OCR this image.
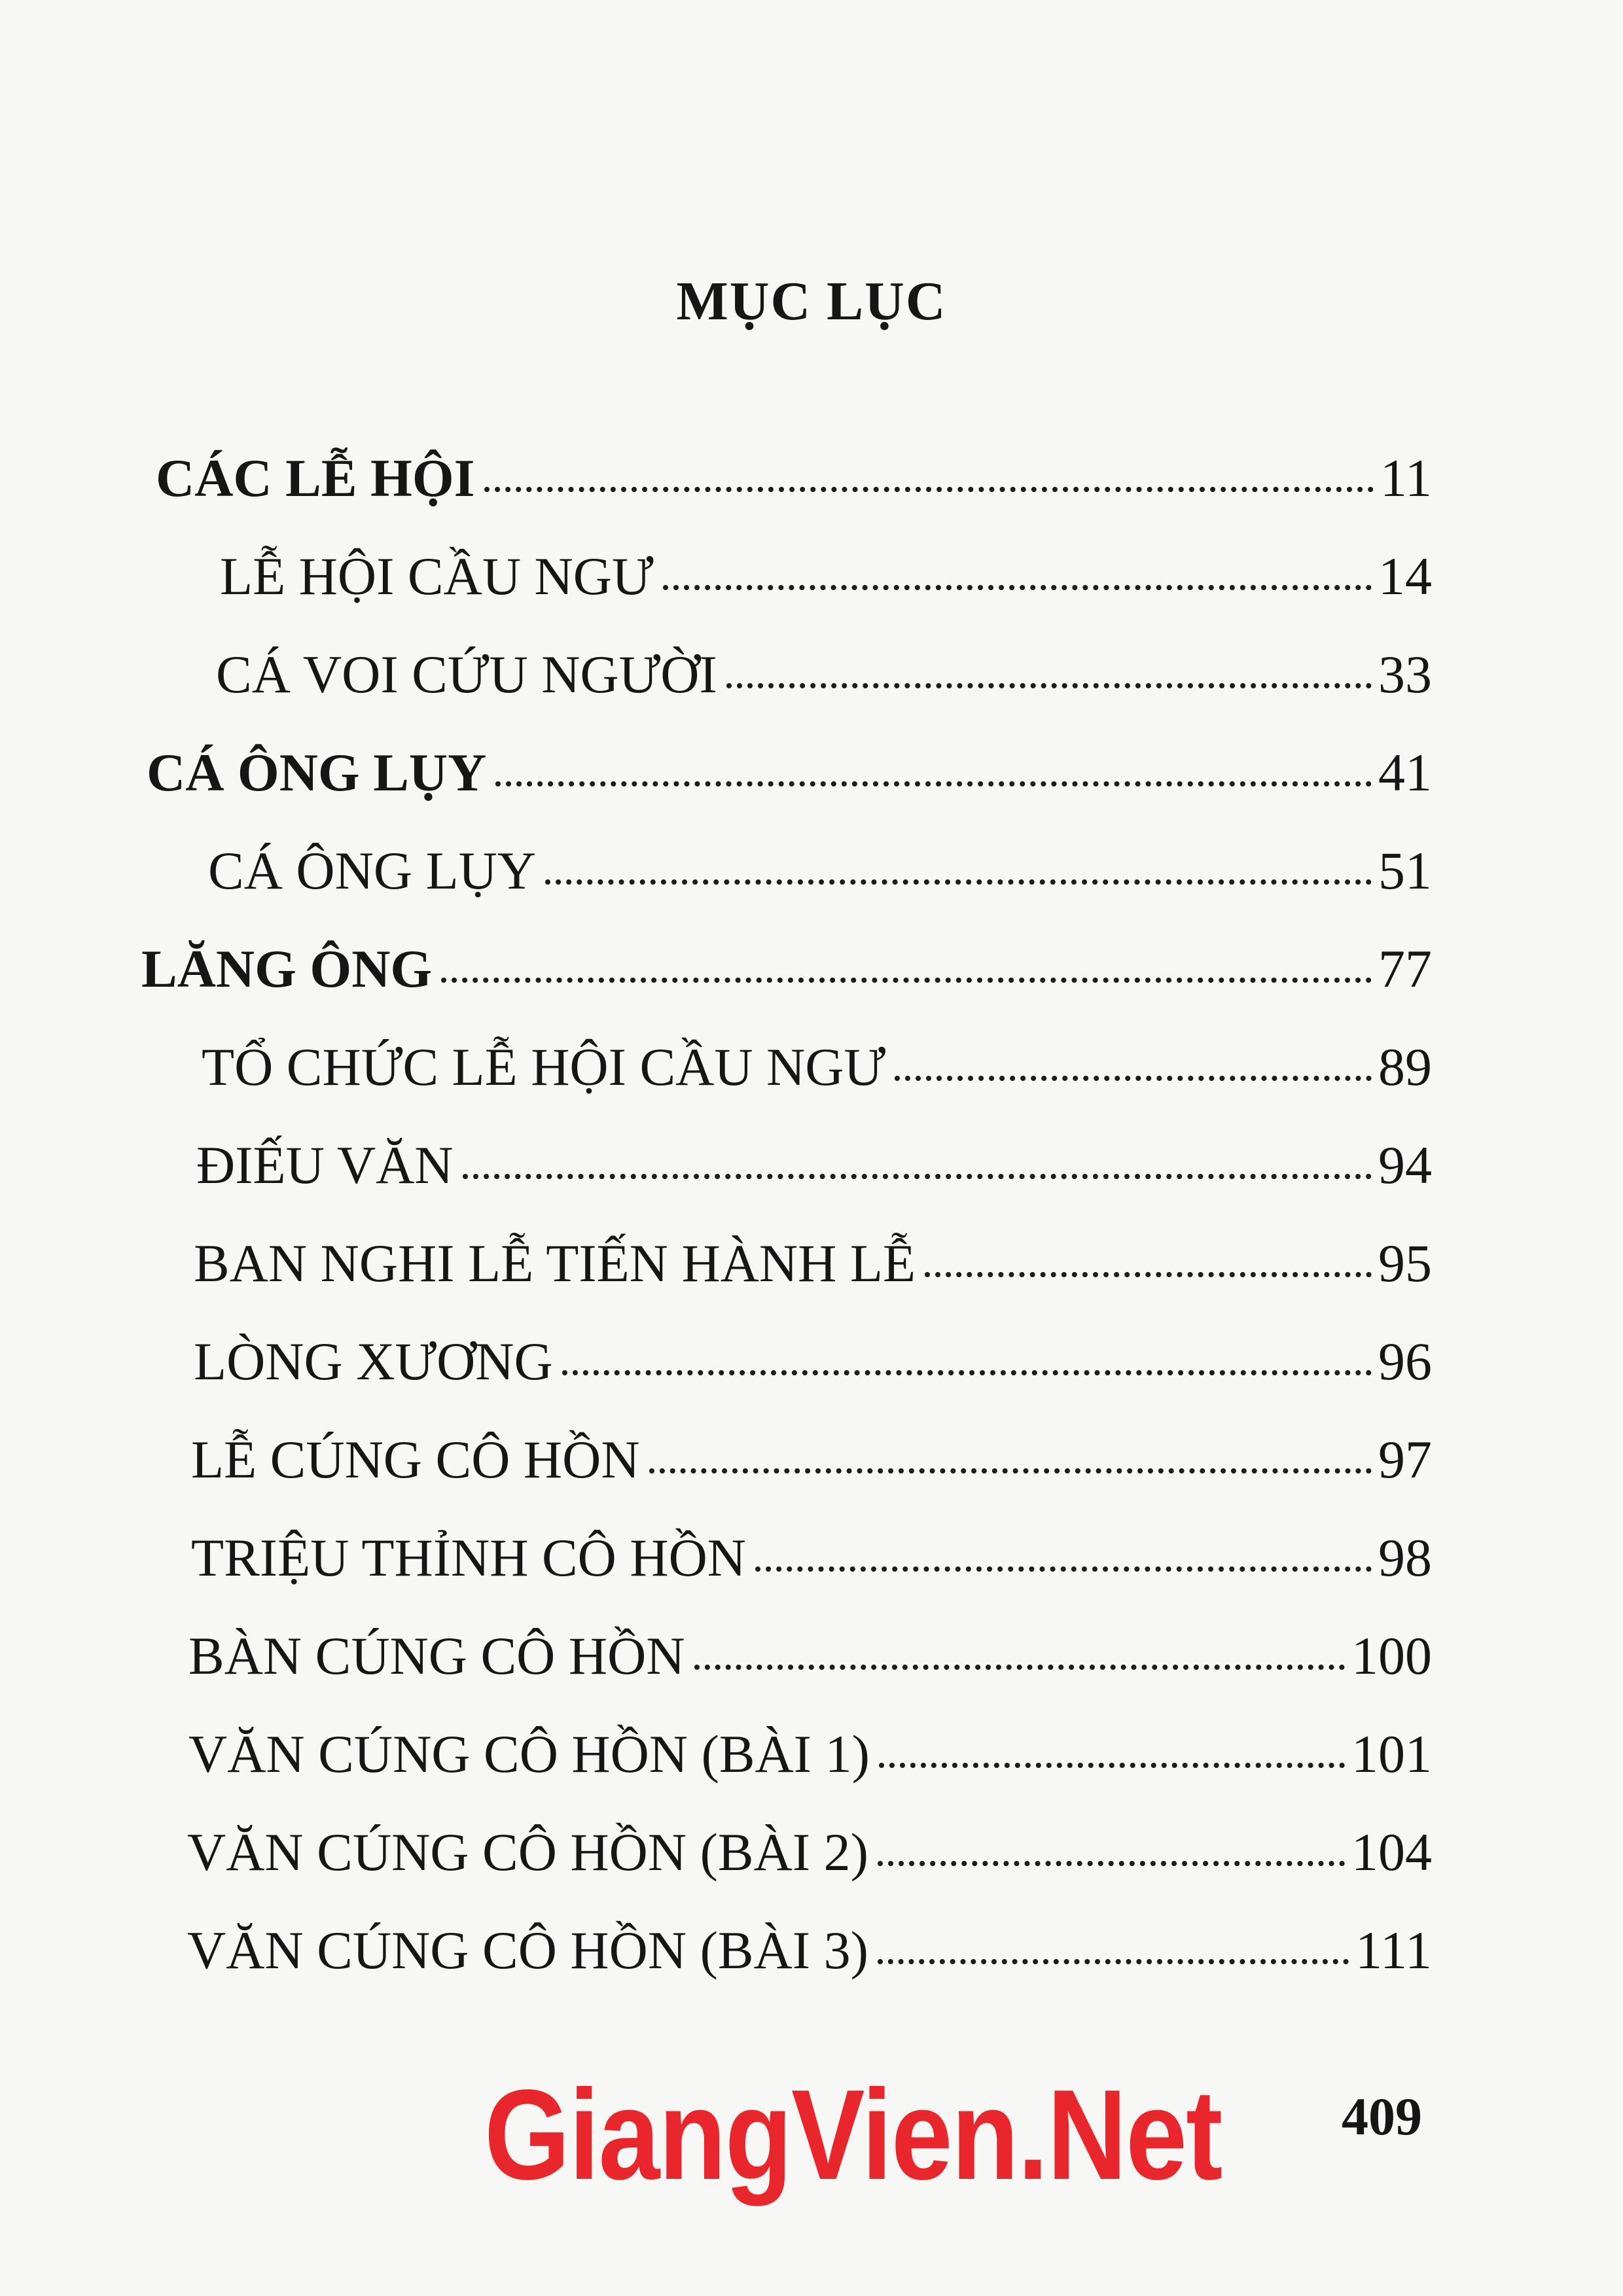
MỤC LỤC
CÁC LỄ HỘI	11
LỄ HỘI CẦU NGƯ	14
CÁ VOI CỨU NGƯỜI	33
CÁ ÔNG LỤY	41
CÁ ÔNG LỤY	51
LĂNG ÔNG	77
TỔ CHỨC LỄ HỘI CẦU NGƯ	89
ĐIẾU VĂN	94
BAN NGHI LỄ TIẾN HÀNH LỄ	95
LÒNG XƯƠNG	96
LỄ CÚNG CÔ HỒN	97
TRIỆU THỈNH CÔ HỒN	98
BÀN CÚNG CÔ HỒN	100
VĂN CÚNG CÔ HỒN (BÀI 1)	101
VĂN CÚNG CÔ HỒN (BÀI 2)	104
VĂN CÚNG CÔ HỒN (BÀI 3)	111
GiangVien.Net 409
